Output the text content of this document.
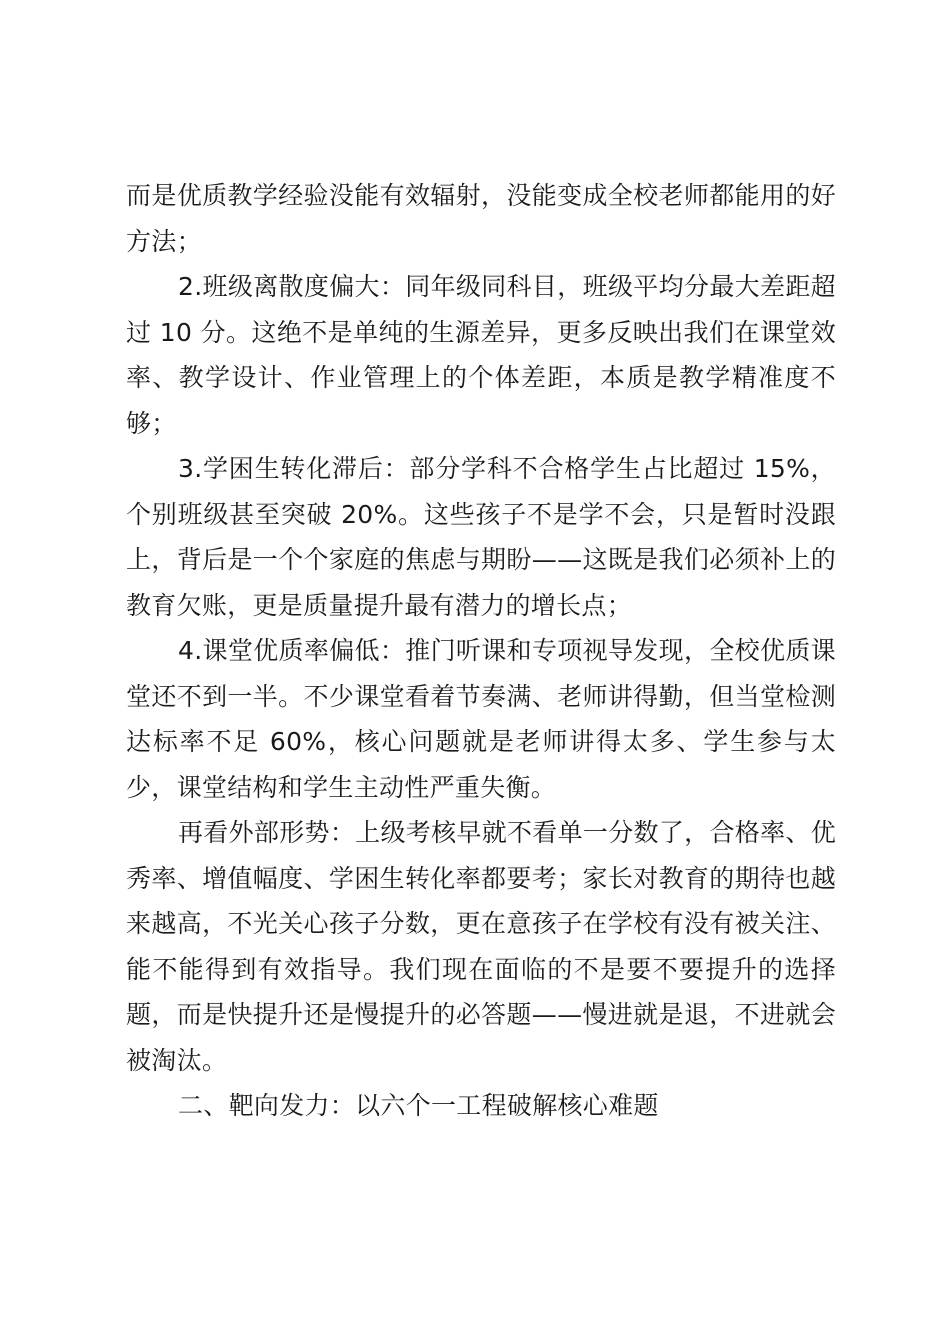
而是优质教学经验没能有效辐射，没能变成全校老师都能用的好方法；

2.班级离散度偏大：同年级同科目，班级平均分最大差距超过 10 分。这绝不是单纯的生源差异，更多反映出我们在课堂效率、教学设计、作业管理上的个体差距，本质是教学精准度不够；

3.学困生转化滞后：部分学科不合格学生占比超过 15%，个别班级甚至突破 20%。这些孩子不是学不会，只是暂时没跟上，背后是一个个家庭的焦虑与期盼——这既是我们必须补上的教育欠账，更是质量提升最有潜力的增长点；

4.课堂优质率偏低：推门听课和专项视导发现，全校优质课堂还不到一半。不少课堂看着节奏满、老师讲得勤，但当堂检测达标率不足 60%，核心问题就是老师讲得太多、学生参与太少，课堂结构和学生主动性严重失衡。

再看外部形势：上级考核早就不看单一分数了，合格率、优秀率、增值幅度、学困生转化率都要考；家长对教育的期待也越来越高，不光关心孩子分数，更在意孩子在学校有没有被关注、能不能得到有效指导。我们现在面临的不是要不要提升的选择题，而是快提升还是慢提升的必答题——慢进就是退，不进就会被淘汰。

二、靶向发力：以六个一工程破解核心难题
